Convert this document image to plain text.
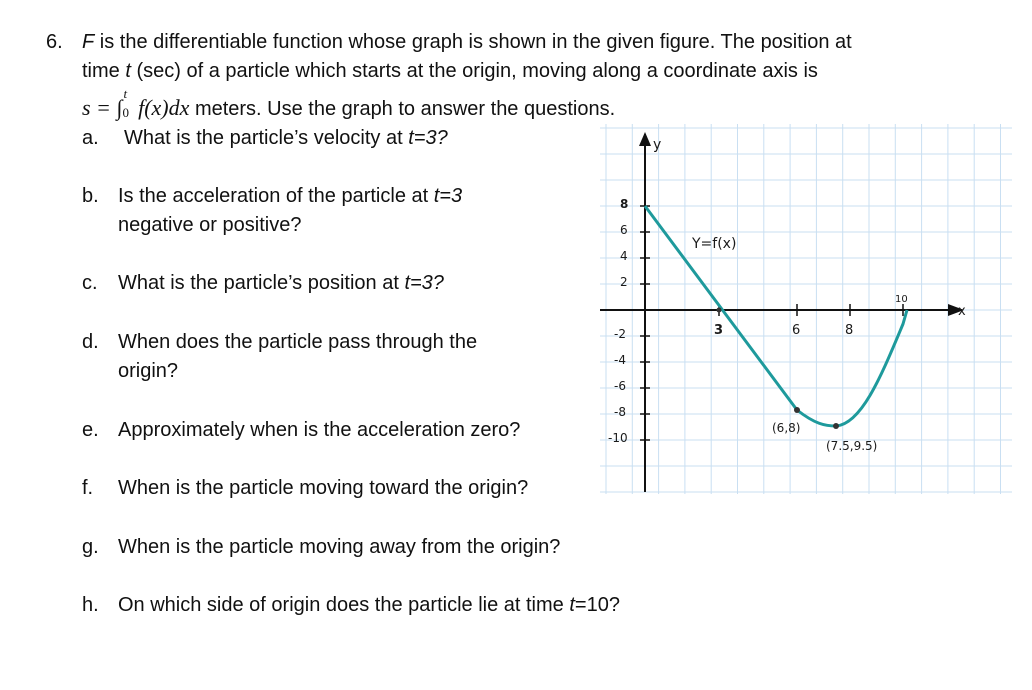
6. F is the differentiable function whose graph is shown in the given figure. The position at
time t (sec) of a particle which starts at the origin, moving along a coordinate axis is
s = ∫
t
0 f(x)dx meters. Use the graph to answer the questions.
a. What is the particle’s velocity at t=3?
b. Is the acceleration of the particle at t=3
negative or positive?
c. What is the particle’s position at t=3?
d. When does the particle pass through the
origin?
e. Approximately when is the acceleration zero?
f. When is the particle moving toward the origin?
g. When is the particle moving away from the origin?
h. On which side of origin does the particle lie at time t=10?
y
x
8
6
4
2
-2
-4
-6
-8
-10
3	6	8
10
Y=f(x)
(6,8)
(7.5,9.5)
